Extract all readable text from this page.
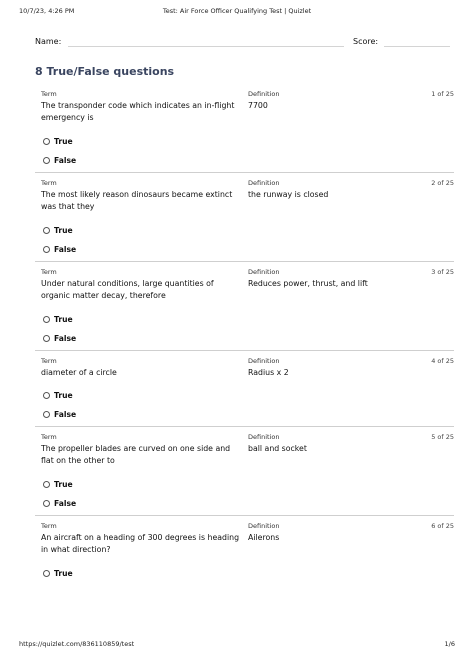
10/7/23, 4:26 PM	Test: Air Force Officer Qualifying Test | Quizlet
Name:	Score:
8 True/False questions
Term	Definition	1 of 25
The transponder code which indicates an in-flight emergency is
7700
True
False
Term	Definition	2 of 25
The most likely reason dinosaurs became extinct was that they
the runway is closed
True
False
Term	Definition	3 of 25
Under natural conditions, large quantities of organic matter decay, therefore
Reduces power, thrust, and lift
True
False
Term	Definition	4 of 25
diameter of a circle	Radius x 2
True
False
Term	Definition	5 of 25
The propeller blades are curved on one side and flat on the other to
ball and socket
True
False
Term	Definition	6 of 25
An aircraft on a heading of 300 degrees is heading in what direction?
Ailerons
True
https://quizlet.com/836110859/test	1/6
